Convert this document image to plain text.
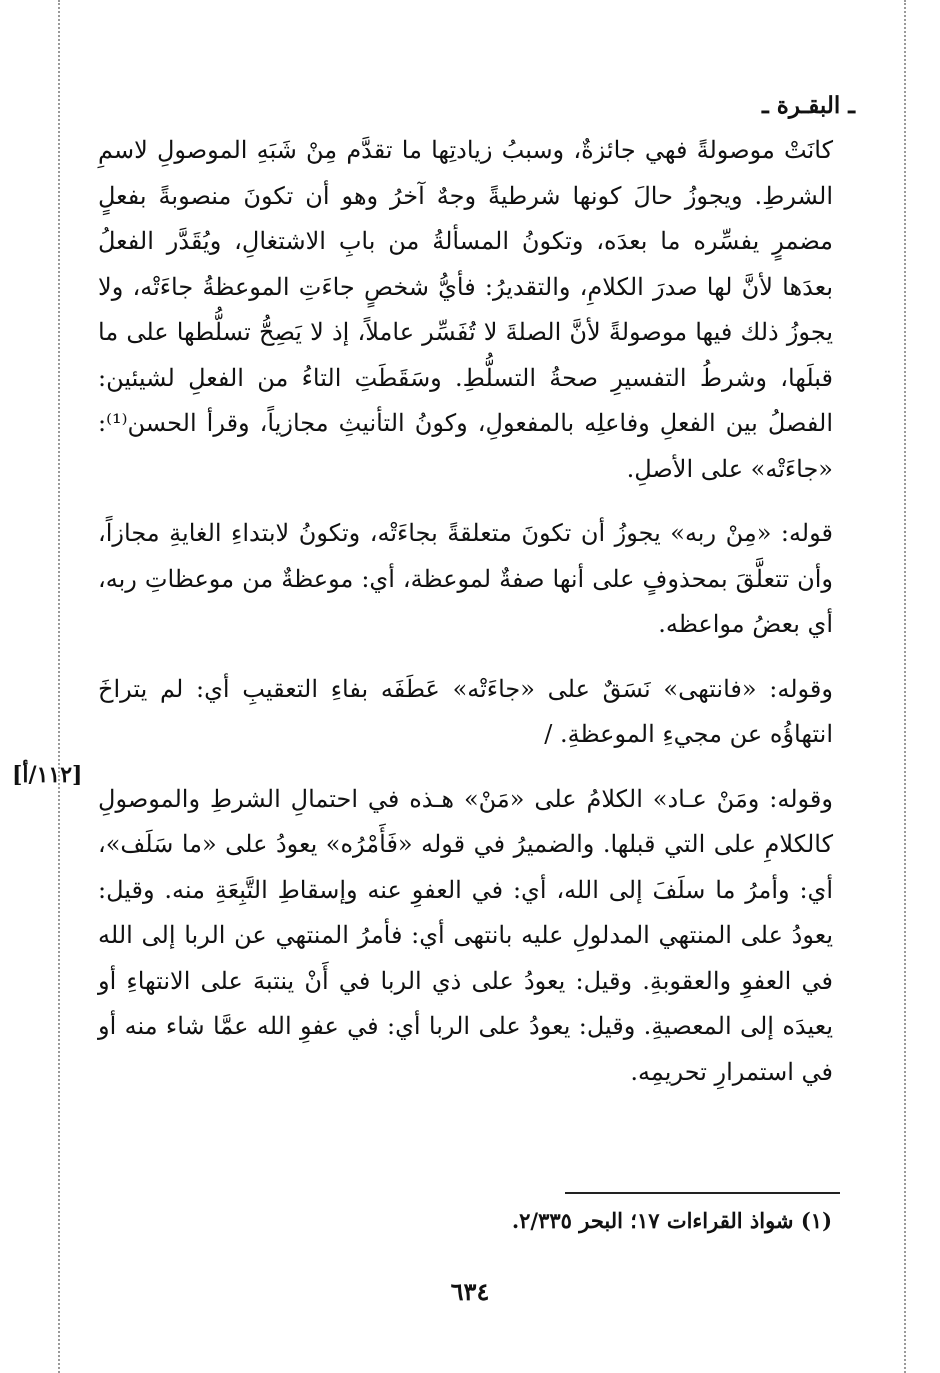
ـ البقـرة ـ

كانَتْ موصولةً فهي جائزةٌ، وسببُ زيادتِها ما تقدَّم مِنْ شَبَهِ الموصولِ لاسمِ الشرطِ. ويجوزُ حالَ كونها شرطيةً وجهٌ آخرُ وهو أن تكونَ منصوبةً بفعلٍ مضمرٍ يفسِّره ما بعدَه، وتكونُ المسألةُ من بابِ الاشتغالِ، ويُقَدَّر الفعلُ بعدَها لأنَّ لها صدرَ الكلامِ، والتقديرُ: فأيُّ شخصٍ جاءَتِ الموعظةُ جاءَتْه، ولا يجوزُ ذلك فيها موصولةً لأنَّ الصلةَ لا تُفَسِّر عاملاً، إذ لا يَصِحُّ تسلُّطها على ما قبلَها، وشرطُ التفسيرِ صحةُ التسلُّطِ. وسَقَطَتِ التاءُ من الفعلِ لشيئين: الفصلُ بين الفعلِ وفاعلِه بالمفعولِ، وكونُ التأنيثِ مجازياً، وقرأ الحسن⁽¹⁾: «جاءَتْه» على الأصلِ.

قوله: «مِنْ ربه» يجوزُ أن تكونَ متعلقةً بجاءَتْه، وتكونُ لابتداءِ الغايةِ مجازاً، وأن تتعلَّقَ بمحذوفٍ على أنها صفةٌ لموعظة، أي: موعظةٌ من موعظاتِ ربه، أي بعضُ مواعظه.

وقوله: «فانتهى» نَسَقٌ على «جاءَتْه» عَطَفَه بفاءِ التعقيبِ أي: لم يتراخَ انتهاؤُه عن مجيءِ الموعظةِ. /

وقوله: ومَنْ عـاد» الكلامُ على «مَنْ» هـذه في احتمالِ الشرطِ والموصولِ كالكلامِ على التي قبلها. والضميرُ في قوله «فَأَمْرُه» يعودُ على «ما سَلَف»، أي: وأمرُ ما سلَفَ إلى الله، أي: في العفوِ عنه وإسقاطِ التَّبِعَةِ منه. وقيل: يعودُ على المنتهي المدلولِ عليه بانتهى أي: فأمرُ المنتهي عن الربا إلى الله في العفوِ والعقوبةِ. وقيل: يعودُ على ذي الربا في أَنْ ينتبهَ على الانتهاءِ أو يعيدَه إلى المعصيةِ. وقيل: يعودُ على الربا أي: في عفوِ الله عمَّا شاء منه أو في استمرارِ تحريمِه.

[١١٢/أ]
(١) شواذ القراءات ١٧؛ البحر ٢/٣٣٥.
٦٣٤
